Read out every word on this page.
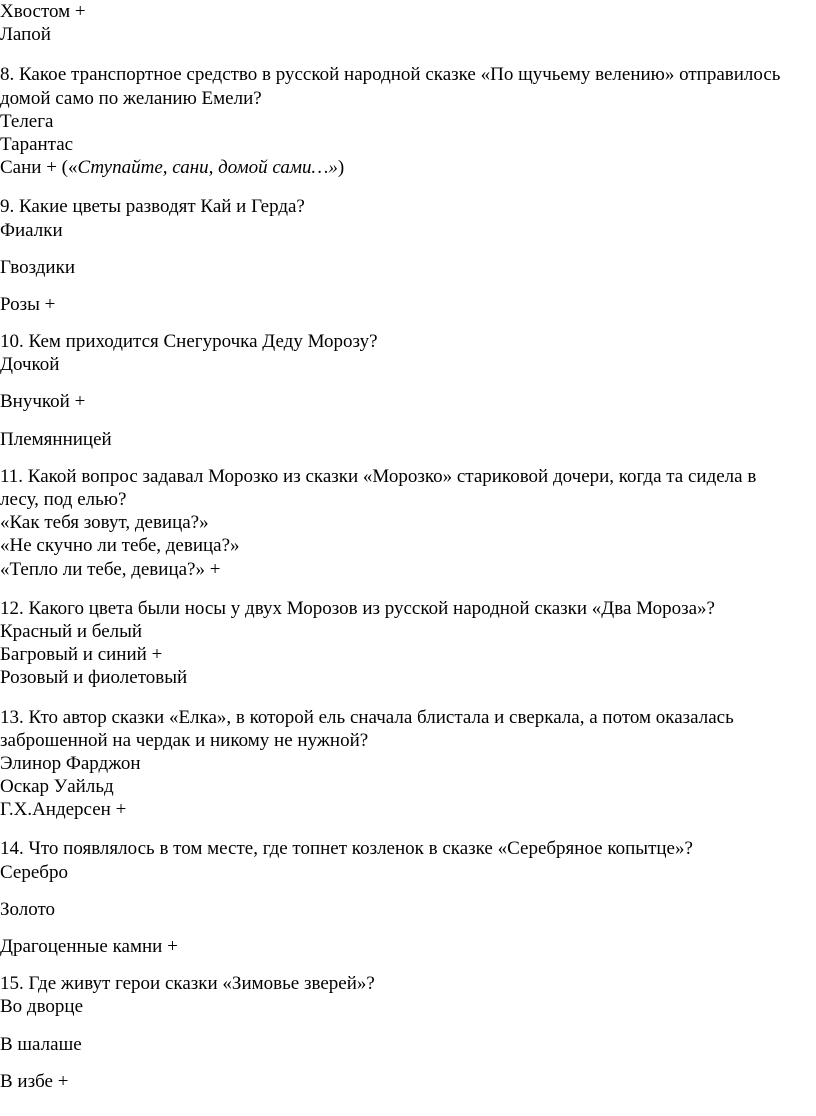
Хвостом +
Лапой
8. Какое транспортное средство в русской народной сказке «По щучьему велению» отправилось
домой само по желанию Емели?
Телега
Тарантас
Сани + («Ступайте, сани, домой сами…»)
9. Какие цветы разводят Кай и Герда?
Фиалки
Гвоздики
Розы +
10. Кем приходится Снегурочка Деду Морозу?
Дочкой
Внучкой +
Племянницей
11. Какой вопрос задавал Морозко из сказки «Морозко» стариковой дочери, когда та сидела в
лесу, под елью?
«Как тебя зовут, девица?»
«Не скучно ли тебе, девица?»
«Тепло ли тебе, девица?» +
12. Какого цвета были носы у двух Морозов из русской народной сказки «Два Мороза»?
Красный и белый
Багровый и синий +
Розовый и фиолетовый
13. Кто автор сказки «Елка», в которой ель сначала блистала и сверкала, а потом оказалась
заброшенной на чердак и никому не нужной?
Элинор Фарджон
Оскар Уайльд
Г.Х.Андерсен +
14. Что появлялось в том месте, где топнет козленок в сказке «Серебряное копытце»?
Серебро
Золото
Драгоценные камни +
15. Где живут герои сказки «Зимовье зверей»?
Во дворце
В шалаше
В избе +
